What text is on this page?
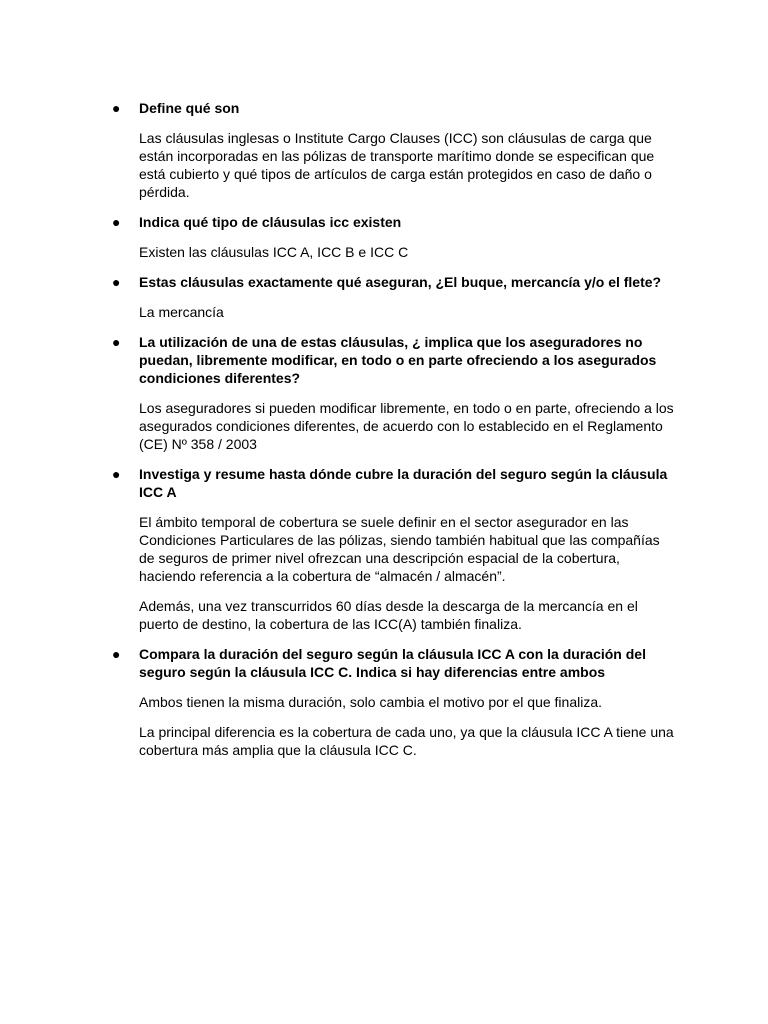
● Define qué son

Las cláusulas inglesas o Institute Cargo Clauses (ICC) son cláusulas de carga que están incorporadas en las pólizas de transporte marítimo donde se especifican que está cubierto y qué tipos de artículos de carga están protegidos en caso de daño o pérdida.

● Indica qué tipo de cláusulas icc existen

Existen las cláusulas ICC A, ICC B e ICC C

● Estas cláusulas exactamente qué aseguran, ¿El buque, mercancía y/o el flete?

La mercancía

● La utilización de una de estas cláusulas, ¿ implica que los aseguradores no puedan, libremente modificar, en todo o en parte ofreciendo a los asegurados condiciones diferentes?

Los aseguradores si pueden modificar libremente, en todo o en parte, ofreciendo a los asegurados condiciones diferentes, de acuerdo con lo establecido en el Reglamento (CE) Nº 358 / 2003

● Investiga y resume hasta dónde cubre la duración del seguro según la cláusula ICC A

El ámbito temporal de cobertura se suele definir en el sector asegurador en las Condiciones Particulares de las pólizas, siendo también habitual que las compañías de seguros de primer nivel ofrezcan una descripción espacial de la cobertura, haciendo referencia a la cobertura de “almacén / almacén”.

Además, una vez transcurridos 60 días desde la descarga de la mercancía en el puerto de destino, la cobertura de las ICC(A) también finaliza.

● Compara la duración del seguro según la cláusula ICC A con la duración del seguro según la cláusula ICC C. Indica si hay diferencias entre ambos

Ambos tienen la misma duración, solo cambia el motivo por el que finaliza.

La principal diferencia es la cobertura de cada uno, ya que la cláusula ICC A tiene una cobertura más amplia que la cláusula ICC C.
